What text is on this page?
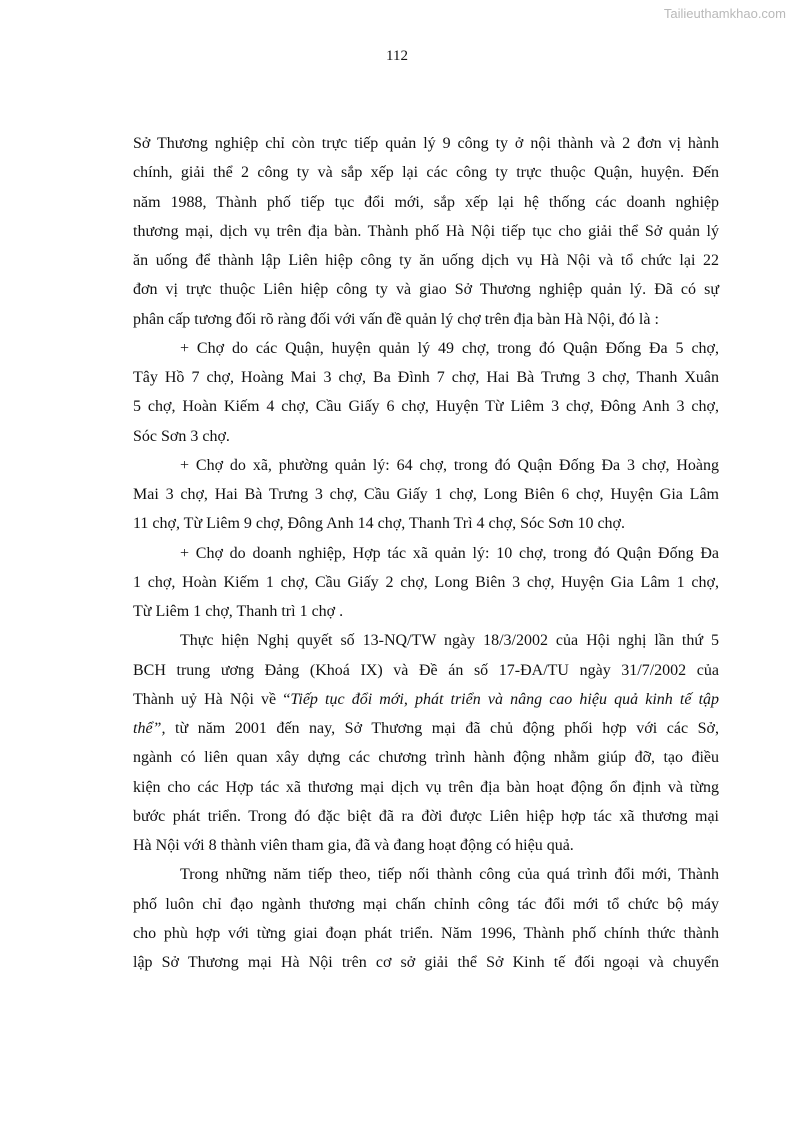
Tailieuthamkhao.com
112

Sở Thương nghiệp chỉ còn trực tiếp quản lý 9 công ty ở nội thành và 2 đơn vị hành

chính, giải thể 2 công ty và sắp xếp lại các công ty trực thuộc Quận, huyện. Đến

năm 1988, Thành phố tiếp tục đổi mới, sắp xếp lại hệ thống các doanh nghiệp

thương mại, dịch vụ trên địa bàn. Thành phố Hà Nội tiếp tục cho giải thể Sở quản lý

ăn uống để thành lập Liên hiệp công ty ăn uống dịch vụ Hà Nội và tổ chức lại 22

đơn vị trực thuộc Liên hiệp công ty và giao Sở Thương nghiệp quản lý. Đã có sự

phân cấp tương đối rõ ràng đối với vấn đề quản lý chợ trên địa bàn Hà Nội, đó là :

+ Chợ do các Quận, huyện quản lý 49 chợ, trong đó Quận Đống Đa 5 chợ,

Tây Hồ 7 chợ, Hoàng Mai 3 chợ, Ba Đình 7 chợ, Hai Bà Trưng 3 chợ, Thanh Xuân

5 chợ, Hoàn Kiếm 4 chợ, Cầu Giấy 6 chợ, Huyện Từ Liêm 3 chợ, Đông Anh 3 chợ,

Sóc Sơn 3 chợ.

+ Chợ do xã, phường quản lý: 64 chợ, trong đó Quận Đống Đa 3 chợ, Hoàng

Mai 3 chợ, Hai Bà Trưng 3 chợ, Cầu Giấy 1 chợ, Long Biên 6 chợ, Huyện Gia Lâm

11 chợ, Từ Liêm 9 chợ, Đông Anh 14 chợ, Thanh Trì 4 chợ, Sóc Sơn 10 chợ.

+ Chợ do doanh nghiệp, Hợp tác xã quản lý: 10 chợ, trong đó Quận Đống Đa

1 chợ, Hoàn Kiếm 1 chợ, Cầu Giấy 2 chợ, Long Biên 3 chợ, Huyện Gia Lâm 1 chợ,

Từ Liêm 1 chợ, Thanh trì 1 chợ .

Thực hiện Nghị quyết số 13-NQ/TW ngày 18/3/2002 của Hội nghị lần thứ 5

BCH trung ương Đảng (Khoá IX) và Đề án số 17-ĐA/TU ngày 31/7/2002 của

Thành uỷ Hà Nội về “Tiếp tục đổi mới, phát triển và nâng cao hiệu quả kinh tế tập

thể”, từ năm 2001 đến nay, Sở Thương mại đã chủ động phối hợp với các Sở,

ngành có liên quan xây dựng các chương trình hành động nhằm giúp đỡ, tạo điều

kiện cho các Hợp tác xã thương mại dịch vụ trên địa bàn hoạt động ổn định và từng

bước phát triển. Trong đó đặc biệt đã ra đời được Liên hiệp hợp tác xã thương mại

Hà Nội với 8 thành viên tham gia, đã và đang hoạt động có hiệu quả.

Trong những năm tiếp theo, tiếp nối thành công của quá trình đổi mới, Thành

phố luôn chỉ đạo ngành thương mại chấn chỉnh công tác đổi mới tổ chức bộ máy

cho phù hợp với từng giai đoạn phát triển. Năm 1996, Thành phố chính thức thành

lập Sở Thương mại Hà Nội trên cơ sở giải thể Sở Kinh tế đối ngoại và chuyển
